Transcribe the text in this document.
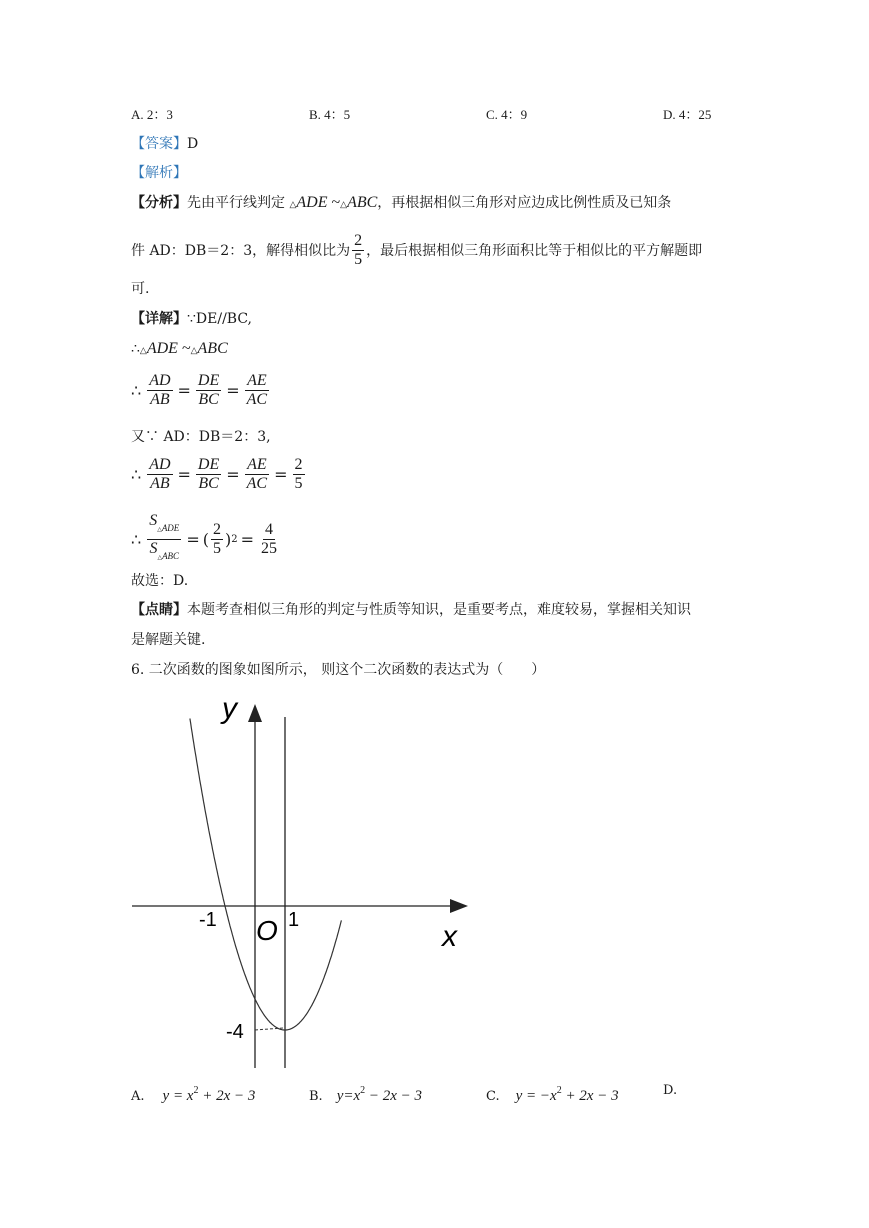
A. 2：3	B. 4：5	C. 4：9	D. 4：25
【答案】D
【解析】
【分析】先由平行线判定 △ADE ~△ABC，再根据相似三角形对应边成比例性质及已知条
件 AD：DB＝2：3，解得相似比为 $\frac{2}{5}$ ，最后根据相似三角形面积比等于相似比的平方解题即
可.
【详解】∵DE//BC,
∴△ADE ~△ABC
∴ $\frac{AD}{AB} = \frac{DE}{BC} = \frac{AE}{AC}$
又∵ AD：DB＝2：3,
∴ $\frac{AD}{AB} = \frac{DE}{BC} = \frac{AE}{AC} = \frac{2}{5}$
∴ $\frac{S_{\triangle ADE}}{S_{\triangle ABC}}$ = ( $\frac{2}{5}$ ) $2 = \frac{4}{25}$
故选：D.
【点睛】本题考查相似三角形的判定与性质等知识，是重要考点，难度较易，掌握相关知识
是解题关键.
6. 二次函数的图象如图所示， 则这个二次函数的表达式为（　　）
y
x
O
-1	1
-4
A. $y = x^2 + 2x - 3$	B. $y=x^2 - 2x - 3$	C. $y = -x^2 + 2x - 3$	D.
